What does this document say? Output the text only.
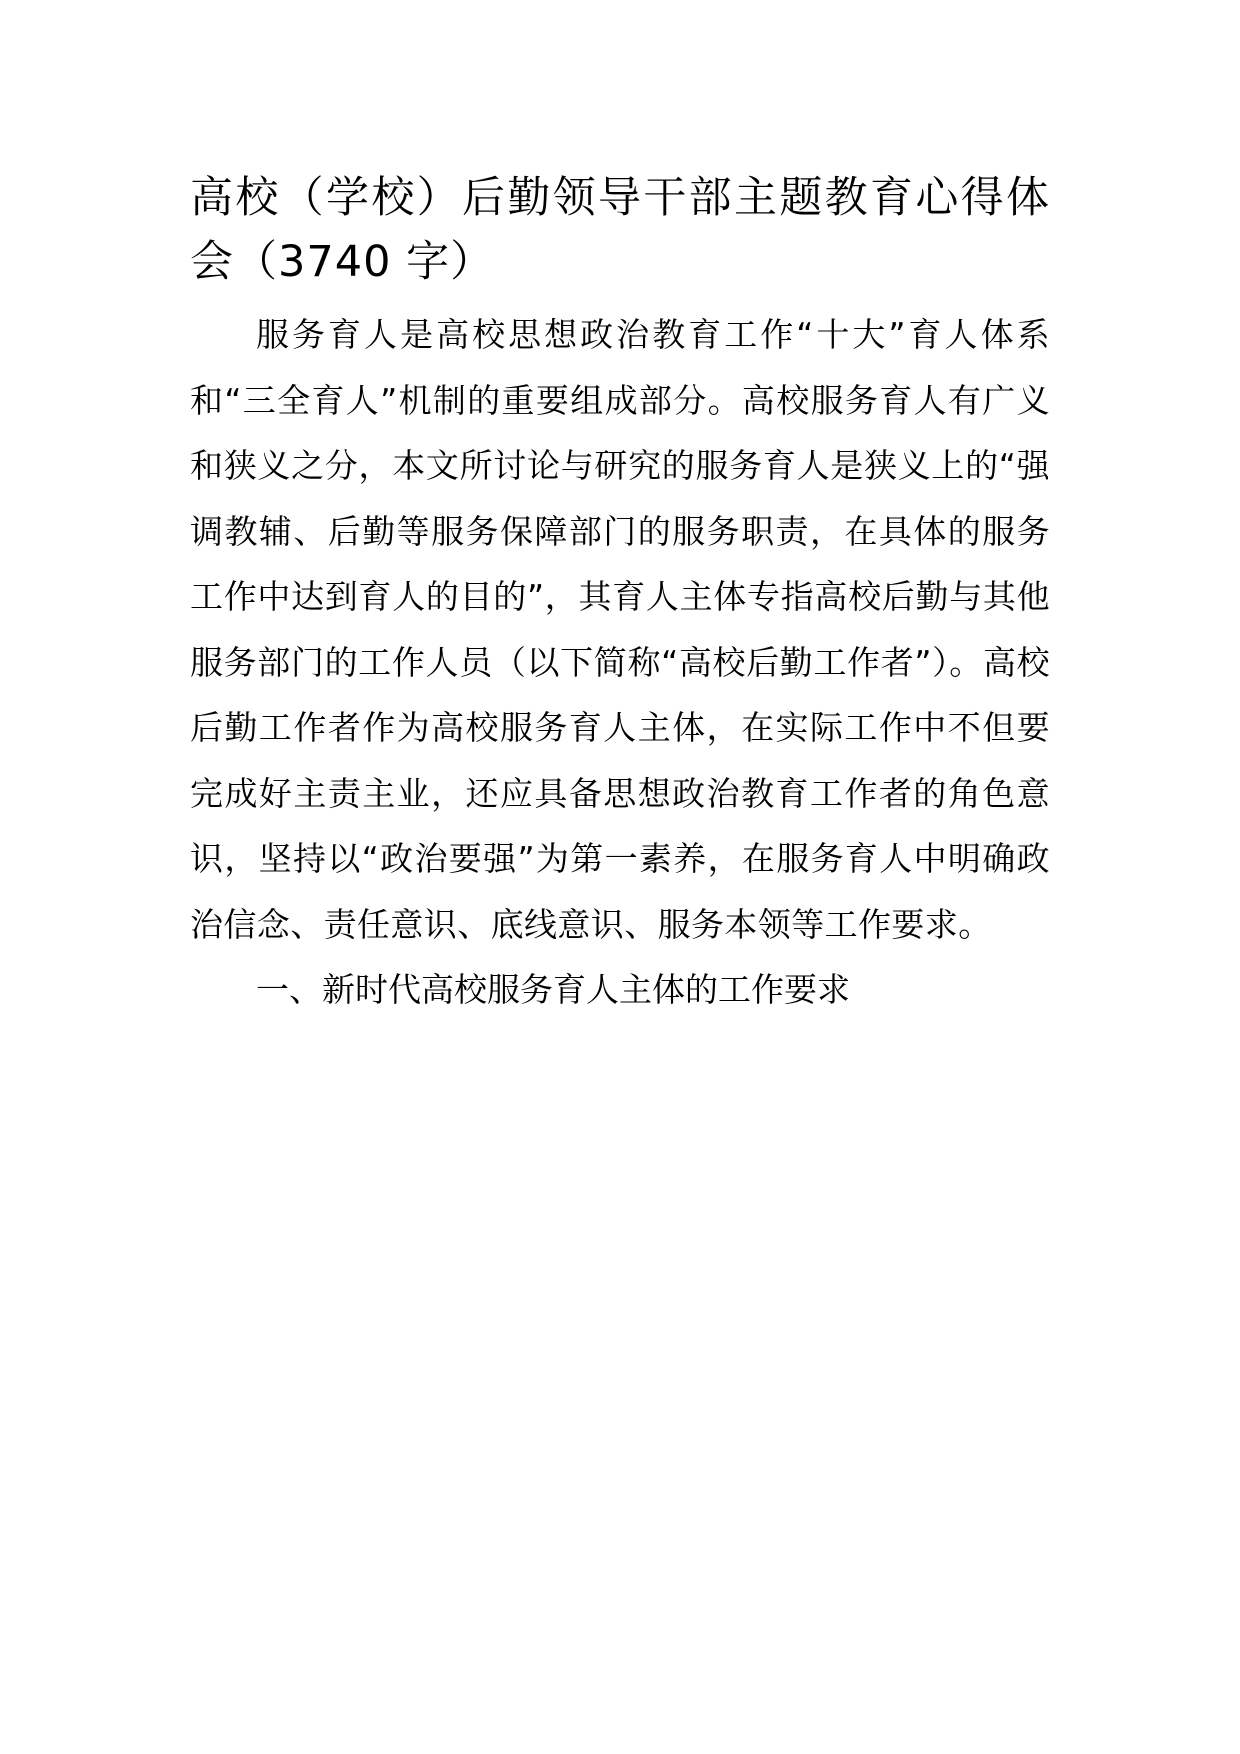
高校（学校）后勤领导干部主题教育心得体会（3740 字）

服务育人是高校思想政治教育工作“十大”育人体系和“三全育人”机制的重要组成部分。高校服务育人有广义和狭义之分，本文所讨论与研究的服务育人是狭义上的“强调教辅、后勤等服务保障部门的服务职责，在具体的服务工作中达到育人的目的”，其育人主体专指高校后勤与其他服务部门的工作人员（以下简称“高校后勤工作者”）。高校后勤工作者作为高校服务育人主体，在实际工作中不但要完成好主责主业，还应具备思想政治教育工作者的角色意识，坚持以“政治要强”为第一素养，在服务育人中明确政治信念、责任意识、底线意识、服务本领等工作要求。

一、新时代高校服务育人主体的工作要求
